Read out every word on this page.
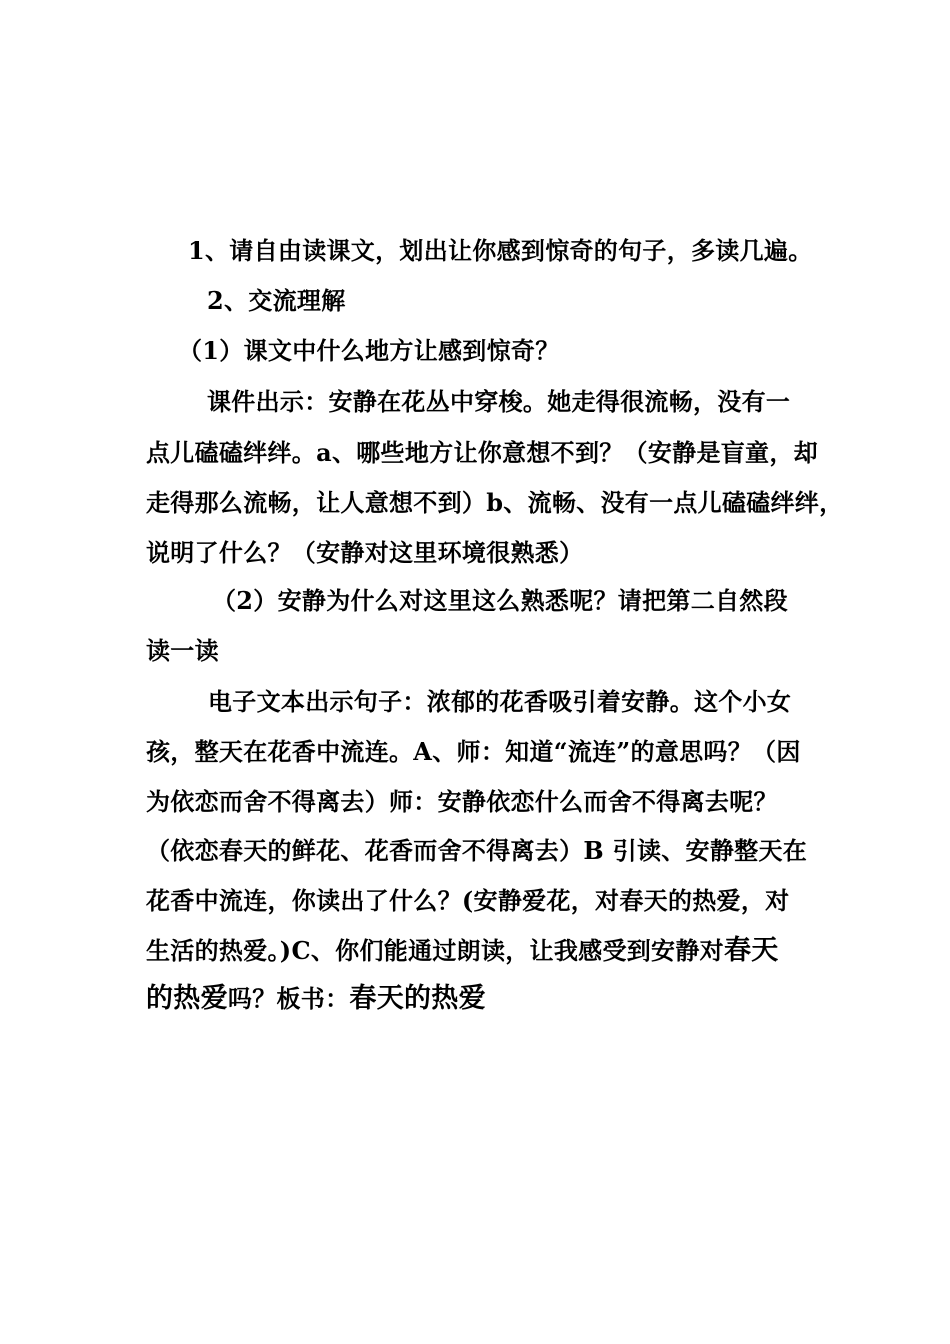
1、请自由读课文，划出让你感到惊奇的句子，多读几遍。

2、交流理解

（1）课文中什么地方让感到惊奇？

课件出示：安静在花丛中穿梭。她走得很流畅，没有一

点儿磕磕绊绊。a、哪些地方让你意想不到？（安静是盲童，却

走得那么流畅，让人意想不到）b、流畅、没有一点儿磕磕绊绊，

说明了什么？（安静对这里环境很熟悉）

（2）安静为什么对这里这么熟悉呢？请把第二自然段

读一读

电子文本出示句子：浓郁的花香吸引着安静。这个小女

孩，整天在花香中流连。A、师：知道“流连”的意思吗？（因

为依恋而舍不得离去）师：安静依恋什么而舍不得离去呢？

（依恋春天的鲜花、花香而舍不得离去）B 引读、安静整天在

花香中流连，你读出了什么？(安静爱花，对春天的热爱，对

生活的热爱。)C、你们能通过朗读，让我感受到安静对春天

的热爱吗？板书：春天的热爱
